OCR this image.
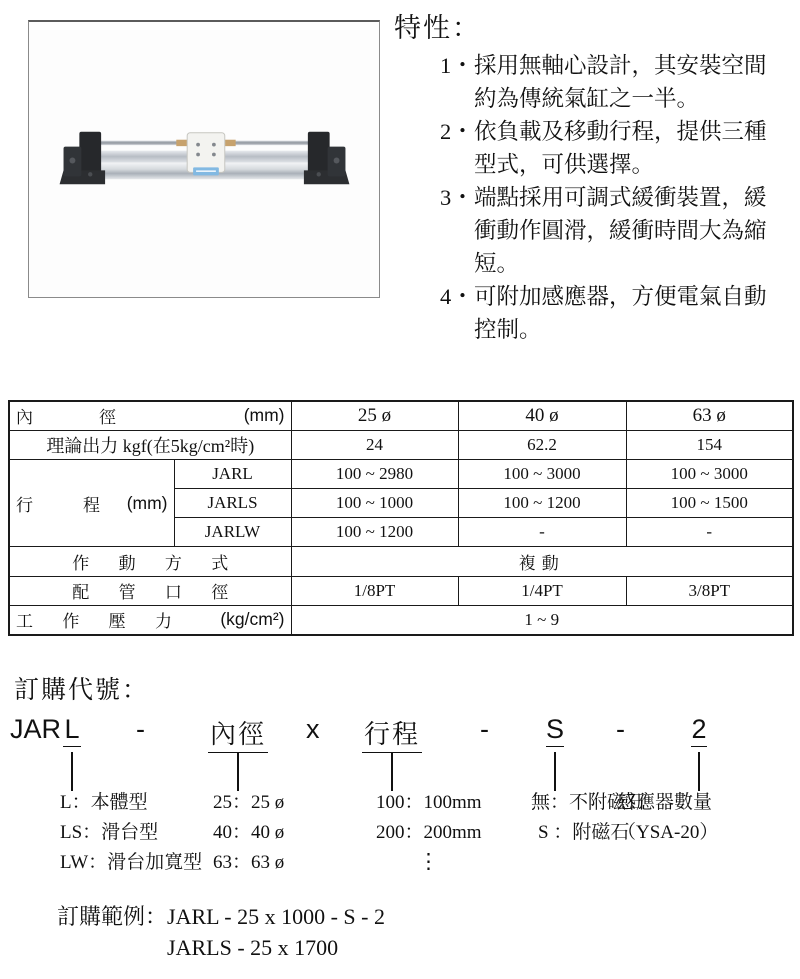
特性：
1・ 採用無軸心設計，其安裝空間約為傳統氣缸之一半。
2・ 依負載及移動行程，提供三種型式，可供選擇。
3・ 端點採用可調式緩衝裝置，緩衝動作圓滑，緩衝時間大為縮短。
4・ 可附加感應器，方便電氣自動控制。
內 徑 (mm)		25 ø	40 ø	63 ø
理論出力 kgf(在5kg/cm²時)		24	62.2	154

行 程 (mm)	JARL	100 ~ 2980	100 ~ 3000	100 ~ 3000
	JARLS	100 ~ 1000	100 ~ 1200	100 ~ 1500
	JARLW	100 ~ 1200	-	-

作 動 方 式		複動		

配 管 口 徑		1/8PT	1/4PT	3/8PT

工 作 壓 力 (kg/cm²)		1 ~ 9		
訂購代號：
JAR L - 內徑 x 行程 - S - 2
L：本體型
LS：滑台型
LW：滑台加寬型
25：25 ø
40：40 ø
63：63 ø
100：100mm
200：200mm
⋮
無：不附磁石
S ：附磁石
感應器數量
（YSA-20）
訂購範例： JARL - 25 x 1000 - S - 2
JARLS - 25 x 1700
